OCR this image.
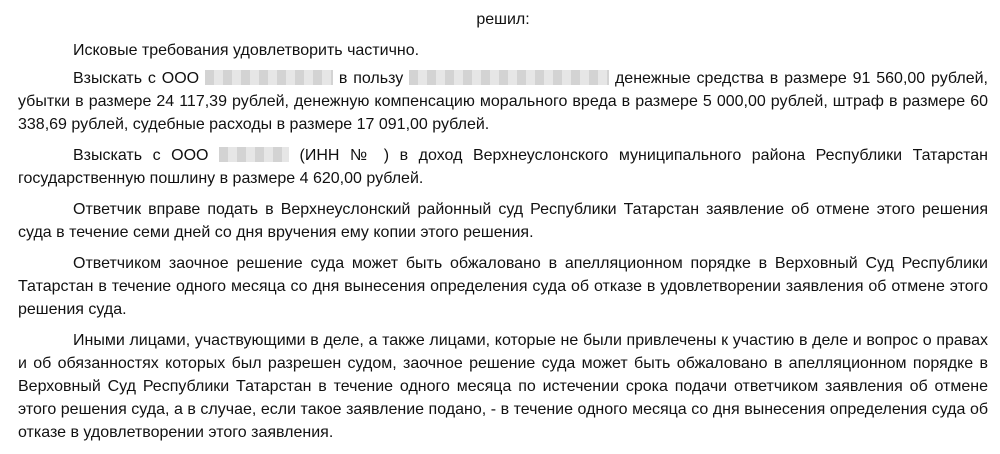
решил:

Исковые требования удовлетворить частично.

Взыскать с ООО	в пользу	денежные средства в размере 91 560,00 рублей, убытки в размере 24 117,39 рублей, денежную компенсацию морального вреда в размере 5 000,00 рублей, штраф в размере 60 338,69 рублей, судебные расходы в размере 17 091,00 рублей.

Взыскать с ООО	(ИНН № ) в доход Верхнеуслонского муниципального района Республики Татарстан государственную пошлину в размере 4 620,00 рублей.

Ответчик вправе подать в Верхнеуслонский районный суд Республики Татарстан заявление об отмене этого решения суда в течение семи дней со дня вручения ему копии этого решения.

Ответчиком заочное решение суда может быть обжаловано в апелляционном порядке в Верховный Суд Республики Татарстан в течение одного месяца со дня вынесения определения суда об отказе в удовлетворении заявления об отмене этого решения суда.

Иными лицами, участвующими в деле, а также лицами, которые не были привлечены к участию в деле и вопрос о правах и об обязанностях которых был разрешен судом, заочное решение суда может быть обжаловано в апелляционном порядке в Верховный Суд Республики Татарстан в течение одного месяца по истечении срока подачи ответчиком заявления об отмене этого решения суда, а в случае, если такое заявление подано, - в течение одного месяца со дня вынесения определения суда об отказе в удовлетворении этого заявления.
